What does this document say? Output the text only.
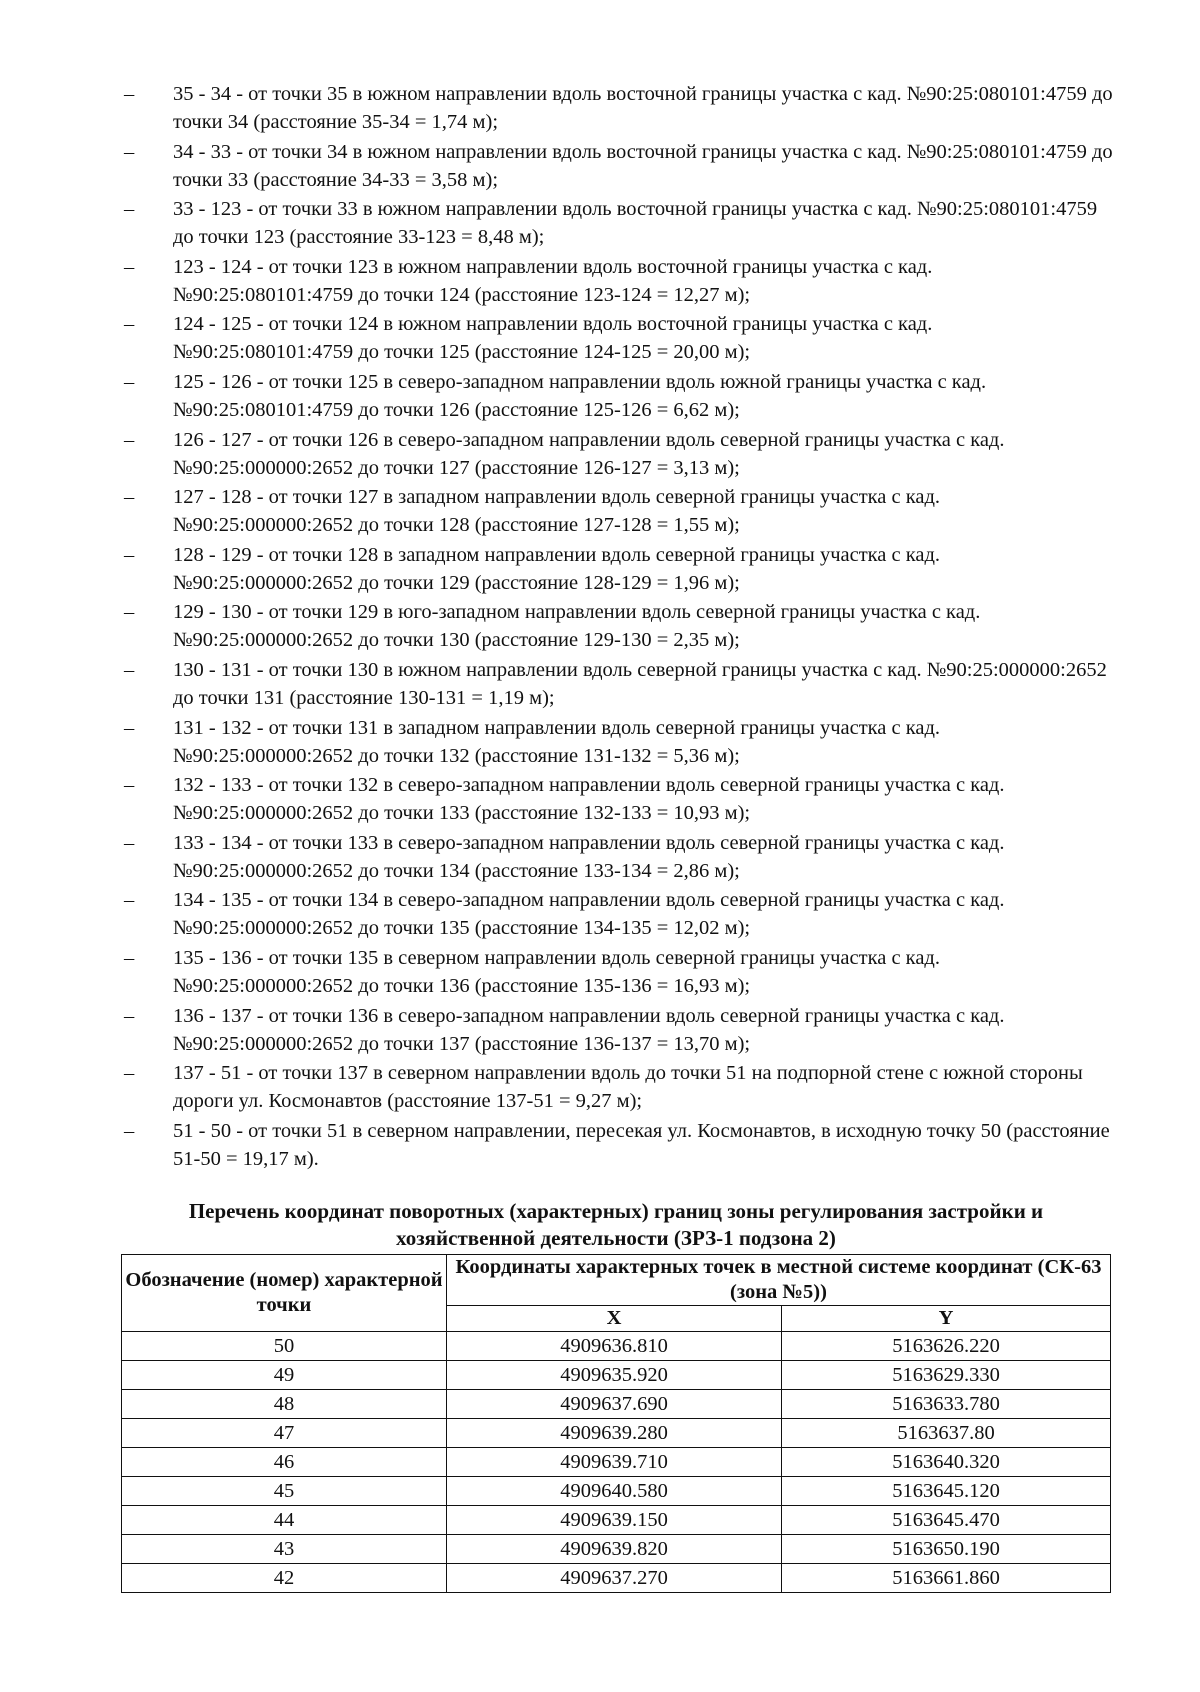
– 35 - 34 - от точки 35 в южном направлении вдоль восточной границы участка с кад. №90:25:080101:4759 до точки 34 (расстояние 35-34 = 1,74 м);
– 34 - 33 - от точки 34 в южном направлении вдоль восточной границы участка с кад. №90:25:080101:4759 до точки 33 (расстояние 34-33 = 3,58 м);
– 33 - 123 - от точки 33 в южном направлении вдоль восточной границы участка с кад. №90:25:080101:4759 до точки 123 (расстояние 33-123 = 8,48 м);
– 123 - 124 - от точки 123 в южном направлении вдоль восточной границы участка с кад. №90:25:080101:4759 до точки 124 (расстояние 123-124 = 12,27 м);
– 124 - 125 - от точки 124 в южном направлении вдоль восточной границы участка с кад. №90:25:080101:4759 до точки 125 (расстояние 124-125 = 20,00 м);
– 125 - 126 - от точки 125 в северо-западном направлении вдоль южной границы участка с кад. №90:25:080101:4759 до точки 126 (расстояние 125-126 = 6,62 м);
– 126 - 127 - от точки 126 в северо-западном направлении вдоль северной границы участка с кад. №90:25:000000:2652 до точки 127 (расстояние 126-127 = 3,13 м);
– 127 - 128 - от точки 127 в западном направлении вдоль северной границы участка с кад. №90:25:000000:2652 до точки 128 (расстояние 127-128 = 1,55 м);
– 128 - 129 - от точки 128 в западном направлении вдоль северной границы участка с кад. №90:25:000000:2652 до точки 129 (расстояние 128-129 = 1,96 м);
– 129 - 130 - от точки 129 в юго-западном направлении вдоль северной границы участка с кад. №90:25:000000:2652 до точки 130 (расстояние 129-130 = 2,35 м);
– 130 - 131 - от точки 130 в южном направлении вдоль северной границы участка с кад. №90:25:000000:2652 до точки 131 (расстояние 130-131 = 1,19 м);
– 131 - 132 - от точки 131 в западном направлении вдоль северной границы участка с кад. №90:25:000000:2652 до точки 132 (расстояние 131-132 = 5,36 м);
– 132 - 133 - от точки 132 в северо-западном направлении вдоль северной границы участка с кад. №90:25:000000:2652 до точки 133 (расстояние 132-133 = 10,93 м);
– 133 - 134 - от точки 133 в северо-западном направлении вдоль северной границы участка с кад. №90:25:000000:2652 до точки 134 (расстояние 133-134 = 2,86 м);
– 134 - 135 - от точки 134 в северо-западном направлении вдоль северной границы участка с кад. №90:25:000000:2652 до точки 135 (расстояние 134-135 = 12,02 м);
– 135 - 136 - от точки 135 в северном направлении вдоль северной границы участка с кад. №90:25:000000:2652 до точки 136 (расстояние 135-136 = 16,93 м);
– 136 - 137 - от точки 136 в северо-западном направлении вдоль северной границы участка с кад. №90:25:000000:2652 до точки 137 (расстояние 136-137 = 13,70 м);
– 137 - 51 - от точки 137 в северном направлении вдоль до точки 51 на подпорной стене с южной стороны дороги ул. Космонавтов (расстояние 137-51 = 9,27 м);
– 51 - 50 - от точки 51 в северном направлении, пересекая ул. Космонавтов, в исходную точку 50 (расстояние 51-50 = 19,17 м).
Перечень координат поворотных (характерных) границ зоны регулирования застройки и хозяйственной деятельности (ЗРЗ-1 подзона 2)
Обозначение (номер) характерной точки	Координаты характерных точек в местной системе координат (СК-63 (зона №5))	
	X	Y
50	4909636.810	5163626.220
49	4909635.920	5163629.330
48	4909637.690	5163633.780
47	4909639.280	5163637.80
46	4909639.710	5163640.320
45	4909640.580	5163645.120
44	4909639.150	5163645.470
43	4909639.820	5163650.190
42	4909637.270	5163661.860
